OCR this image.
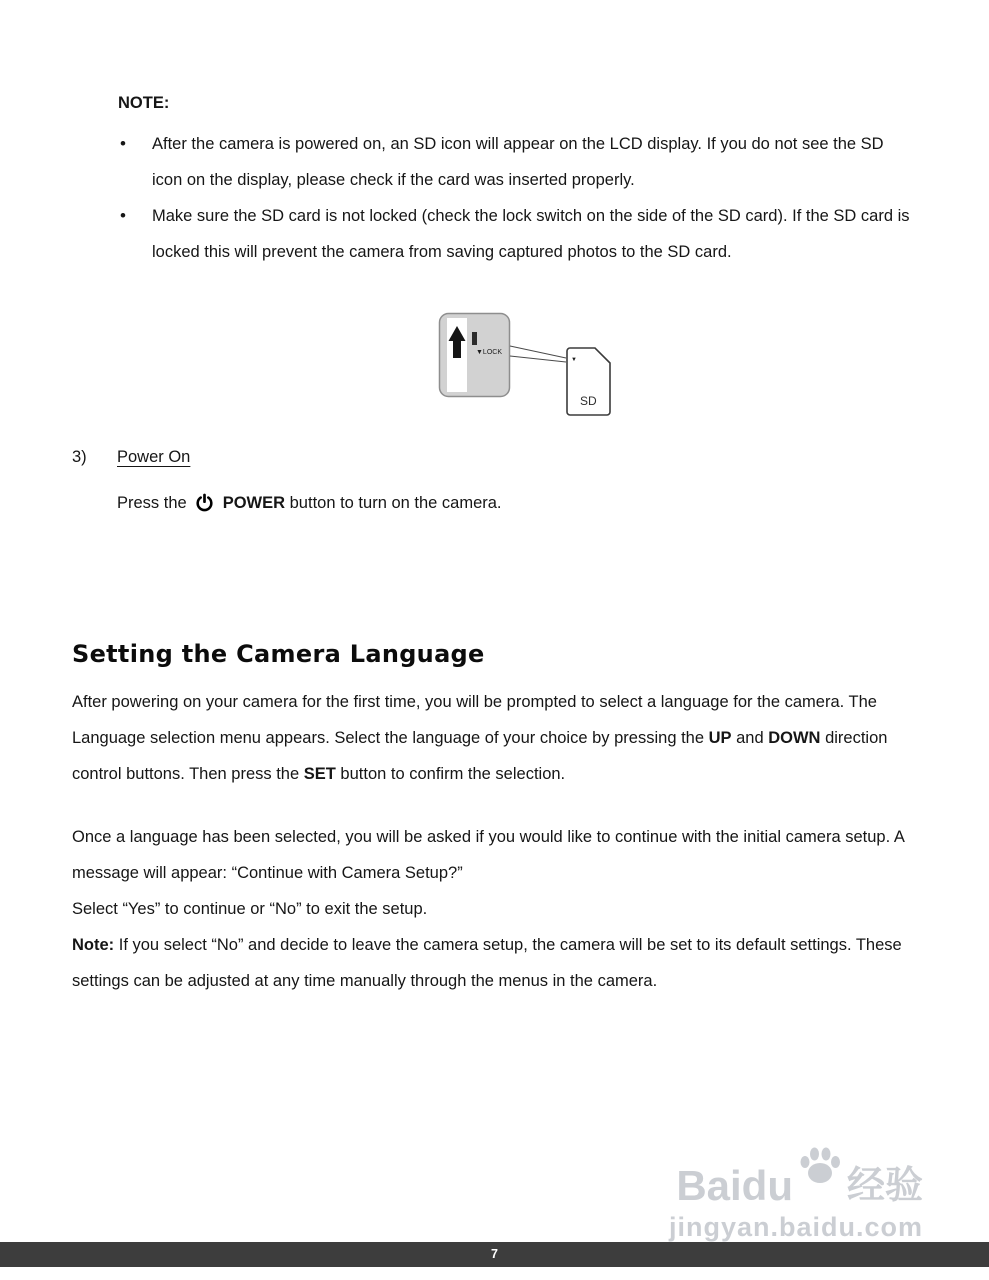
NOTE:

• After the camera is powered on, an SD icon will appear on the LCD display. If you do not see the SD icon on the display, please check if the card was inserted properly.
• Make sure the SD card is not locked (check the lock switch on the side of the SD card). If the SD card is locked this will prevent the camera from saving captured photos to the SD card.
▼LOCK
▼
SD
3)	Power On

Press the POWER button to turn on the camera.

Setting the Camera Language

After powering on your camera for the first time, you will be prompted to select a language for the camera. The Language selection menu appears. Select the language of your choice by pressing the UP and DOWN direction control buttons. Then press the SET button to confirm the selection.

Once a language has been selected, you will be asked if you would like to continue with the initial camera setup. A message will appear: “Continue with Camera Setup?”
Select “Yes” to continue or “No” to exit the setup.

Note: If you select “No” and decide to leave the camera setup, the camera will be set to its default settings. These settings can be adjusted at any time manually through the menus in the camera.

Baidu 经验
jingyan.baidu.com
7
